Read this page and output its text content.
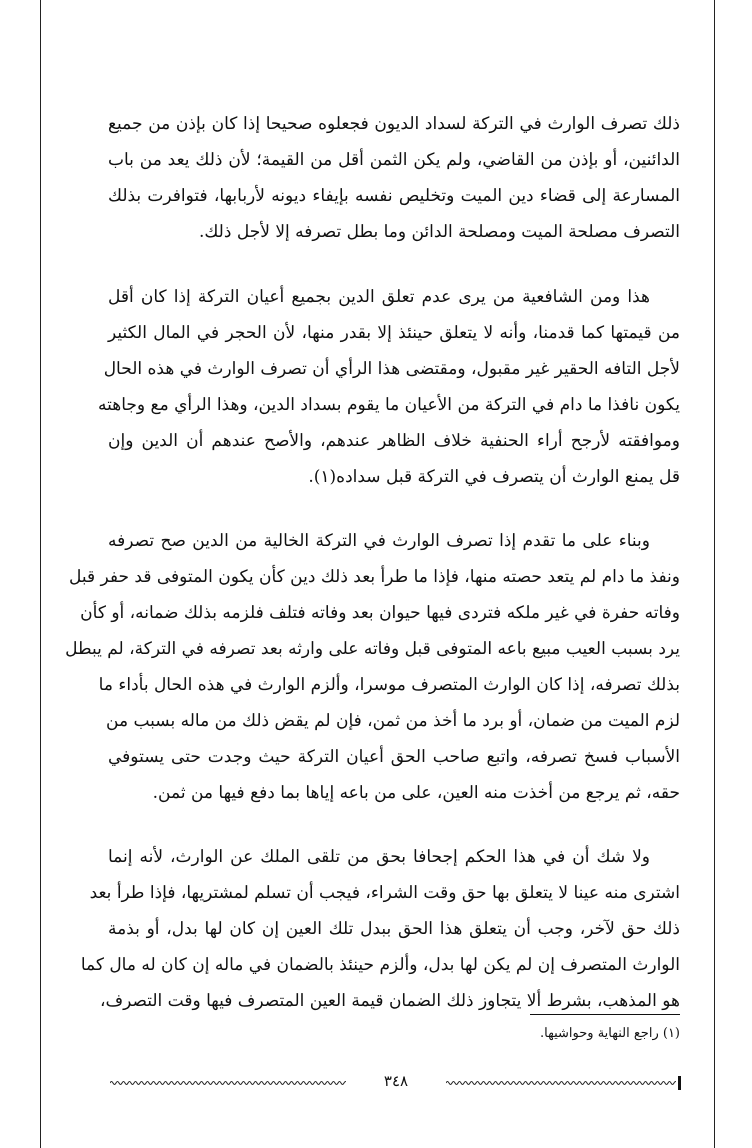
ذلك تصرف الوارث في التركة لسداد الديون فجعلوه صحيحا إذا كان بإذن من جميع
الدائنين، أو بإذن من القاضي، ولم يكن الثمن أقل من القيمة؛ لأن ذلك يعد من باب
المسارعة إلى قضاء دين الميت وتخليص نفسه بإيفاء ديونه لأربابها، فتوافرت بذلك
التصرف مصلحة الميت ومصلحة الدائن وما بطل تصرفه إلا لأجل ذلك.
هذا ومن الشافعية من يرى عدم تعلق الدين بجميع أعيان التركة إذا كان أقل
من قيمتها كما قدمنا، وأنه لا يتعلق حينئذ إلا بقدر منها، لأن الحجر في المال الكثير
لأجل التافه الحقير غير مقبول، ومقتضى هذا الرأي أن تصرف الوارث في هذه الحال
يكون نافذا ما دام في التركة من الأعيان ما يقوم بسداد الدين، وهذا الرأي مع وجاهته
وموافقته لأرجح أراء الحنفية خلاف الظاهر عندهم، والأصح عندهم أن الدين وإن
قل يمنع الوارث أن يتصرف في التركة قبل سداده(١).
وبناء على ما تقدم إذا تصرف الوارث في التركة الخالية من الدين صح تصرفه
ونفذ ما دام لم يتعد حصته منها، فإذا ما طرأ بعد ذلك دين كأن يكون المتوفى قد حفر قبل
وفاته حفرة في غير ملكه فتردى فيها حيوان بعد وفاته فتلف فلزمه بذلك ضمانه، أو كأن
يرد بسبب العيب مبيع باعه المتوفى قبل وفاته على وارثه بعد تصرفه في التركة، لم يبطل
بذلك تصرفه، إذا كان الوارث المتصرف موسرا، وألزم الوارث في هذه الحال بأداء ما
لزم الميت من ضمان، أو برد ما أخذ من ثمن، فإن لم يقض ذلك من ماله بسبب من
الأسباب فسخ تصرفه، واتبع صاحب الحق أعيان التركة حيث وجدت حتى يستوفي
حقه، ثم يرجع من أخذت منه العين، على من باعه إياها بما دفع فيها من ثمن.
ولا شك أن في هذا الحكم إجحافا بحق من تلقى الملك عن الوارث، لأنه إنما
اشترى منه عينا لا يتعلق بها حق وقت الشراء، فيجب أن تسلم لمشتريها، فإذا طرأ بعد
ذلك حق لآخر، وجب أن يتعلق هذا الحق ببدل تلك العين إن كان لها بدل، أو بذمة
الوارث المتصرف إن لم يكن لها بدل، وألزم حينئذ بالضمان في ماله إن كان له مال كما
هو المذهب، بشرط ألا يتجاوز ذلك الضمان قيمة العين المتصرف فيها وقت التصرف،
(١) راجع النهاية وحواشيها.
٣٤٨
